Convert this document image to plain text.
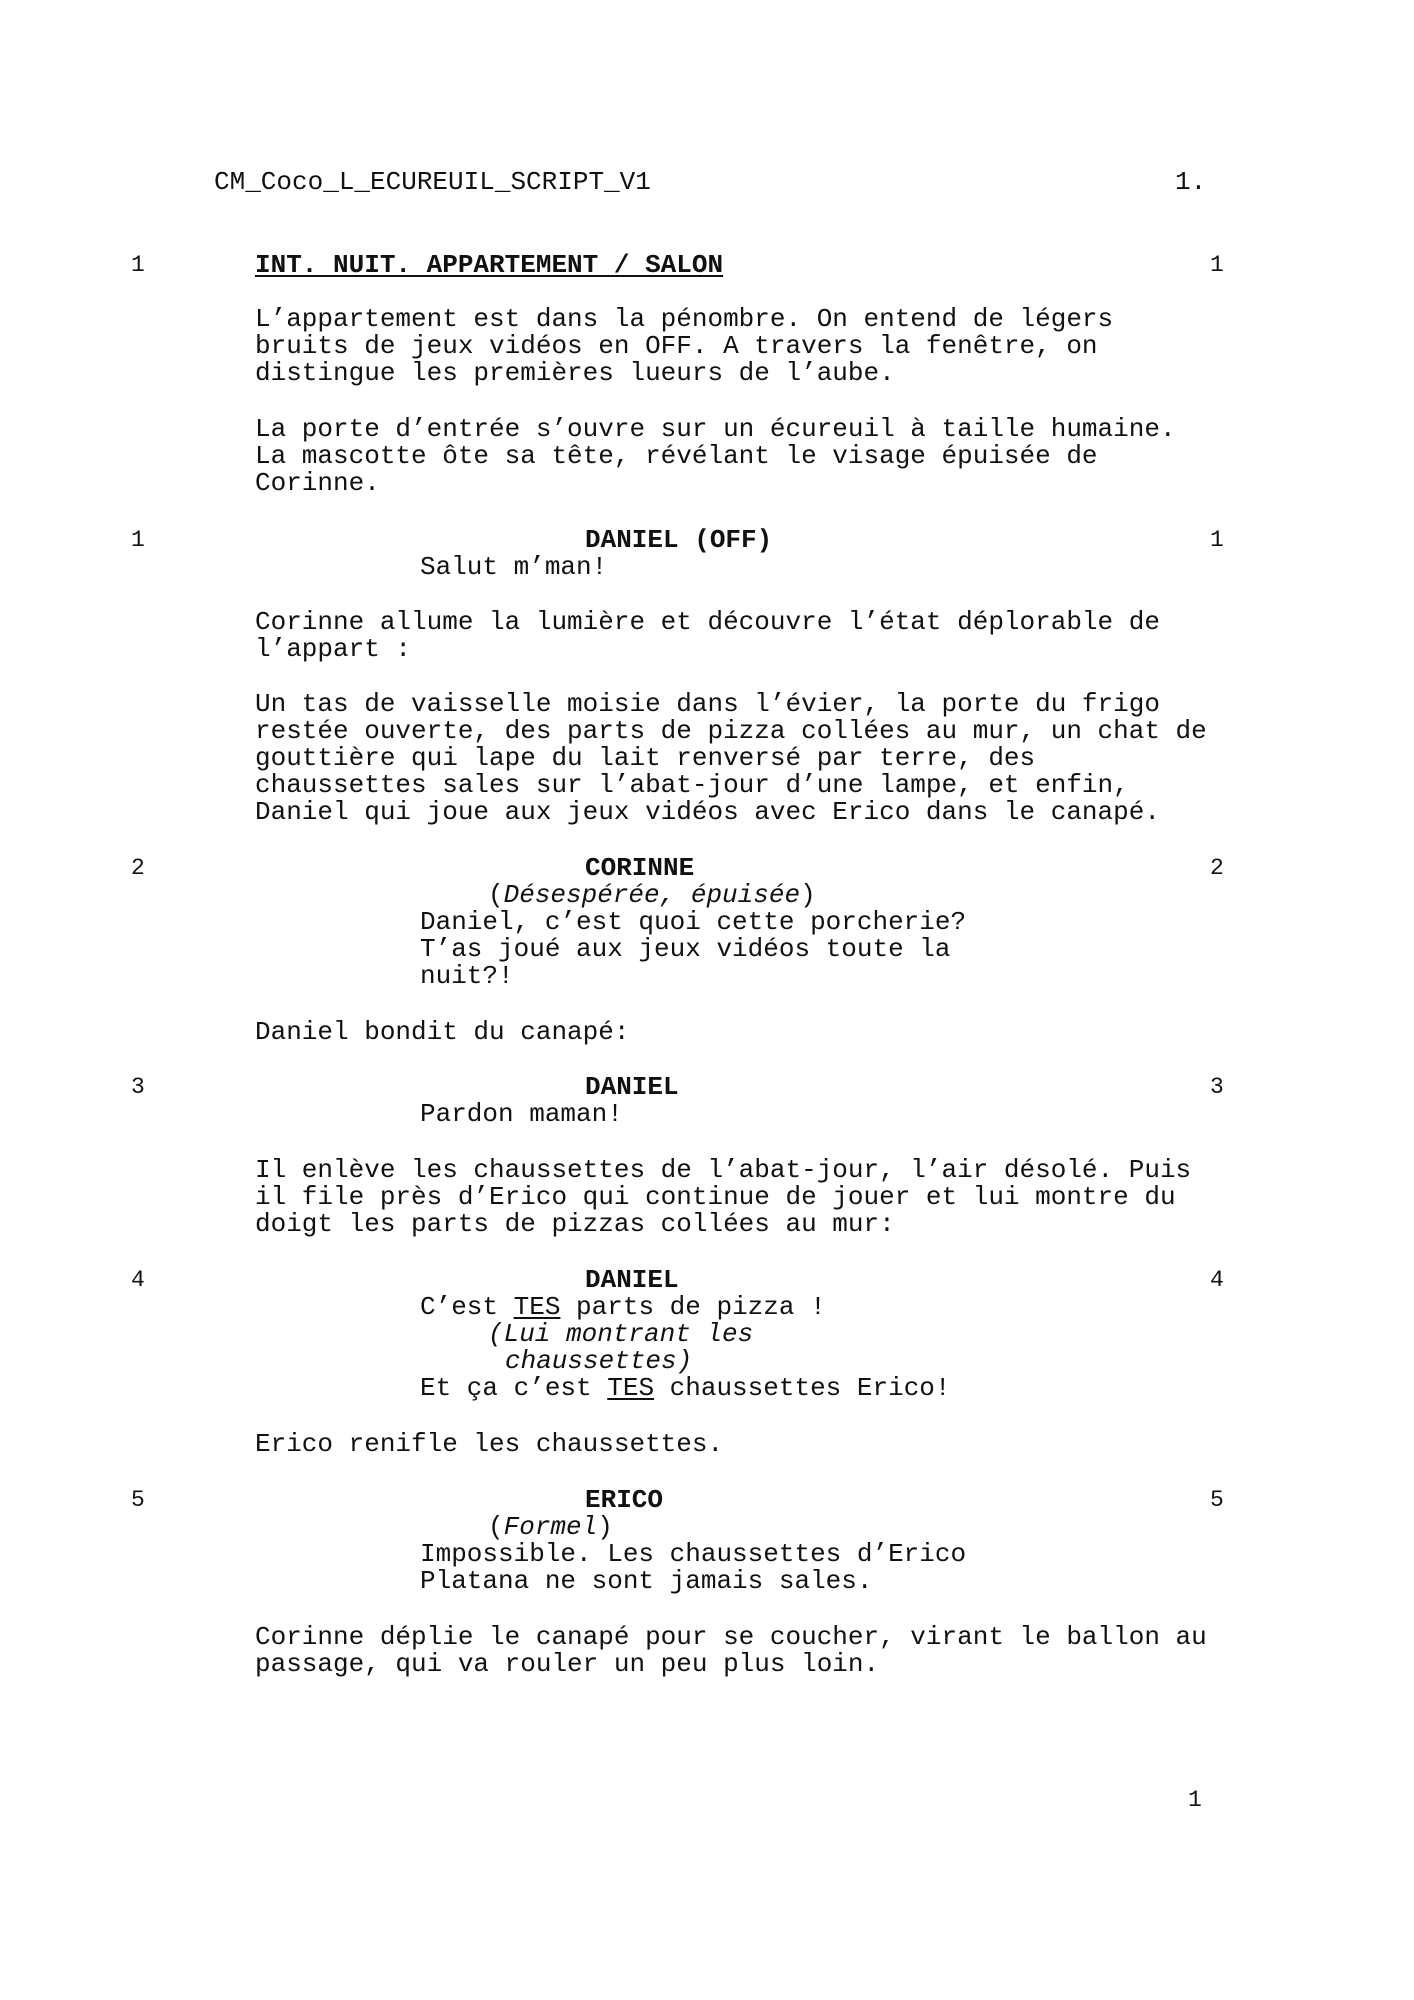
CM_Coco_L_ECUREUIL_SCRIPT_V1	1.
1	INT. NUIT. APPARTEMENT / SALON	1
L’appartement est dans la pénombre. On entend de légers
bruits de jeux vidéos en OFF. A travers la fenêtre, on
distingue les premières lueurs de l’aube.
La porte d’entrée s’ouvre sur un écureuil à taille humaine.
La mascotte ôte sa tête, révélant le visage épuisée de
Corinne.
1	DANIEL (OFF)	1
Salut m’man!
Corinne allume la lumière et découvre l’état déplorable de
l’appart :
Un tas de vaisselle moisie dans l’évier, la porte du frigo
restée ouverte, des parts de pizza collées au mur, un chat de
gouttière qui lape du lait renversé par terre, des
chaussettes sales sur l’abat-jour d’une lampe, et enfin,
Daniel qui joue aux jeux vidéos avec Erico dans le canapé.
2	CORINNE	2
(Désespérée, épuisée)
Daniel, c’est quoi cette porcherie?
T’as joué aux jeux vidéos toute la
nuit?!
Daniel bondit du canapé:
3	DANIEL	3
Pardon maman!
Il enlève les chaussettes de l’abat-jour, l’air désolé. Puis
il file près d’Erico qui continue de jouer et lui montre du
doigt les parts de pizzas collées au mur:
4	DANIEL	4
C’est TES parts de pizza !
(Lui montrant les
chaussettes)
Et ça c’est TES chaussettes Erico!
Erico renifle les chaussettes.
5	ERICO	5
(Formel)
Impossible. Les chaussettes d’Erico
Platana ne sont jamais sales.
Corinne déplie le canapé pour se coucher, virant le ballon au
passage, qui va rouler un peu plus loin.
1
